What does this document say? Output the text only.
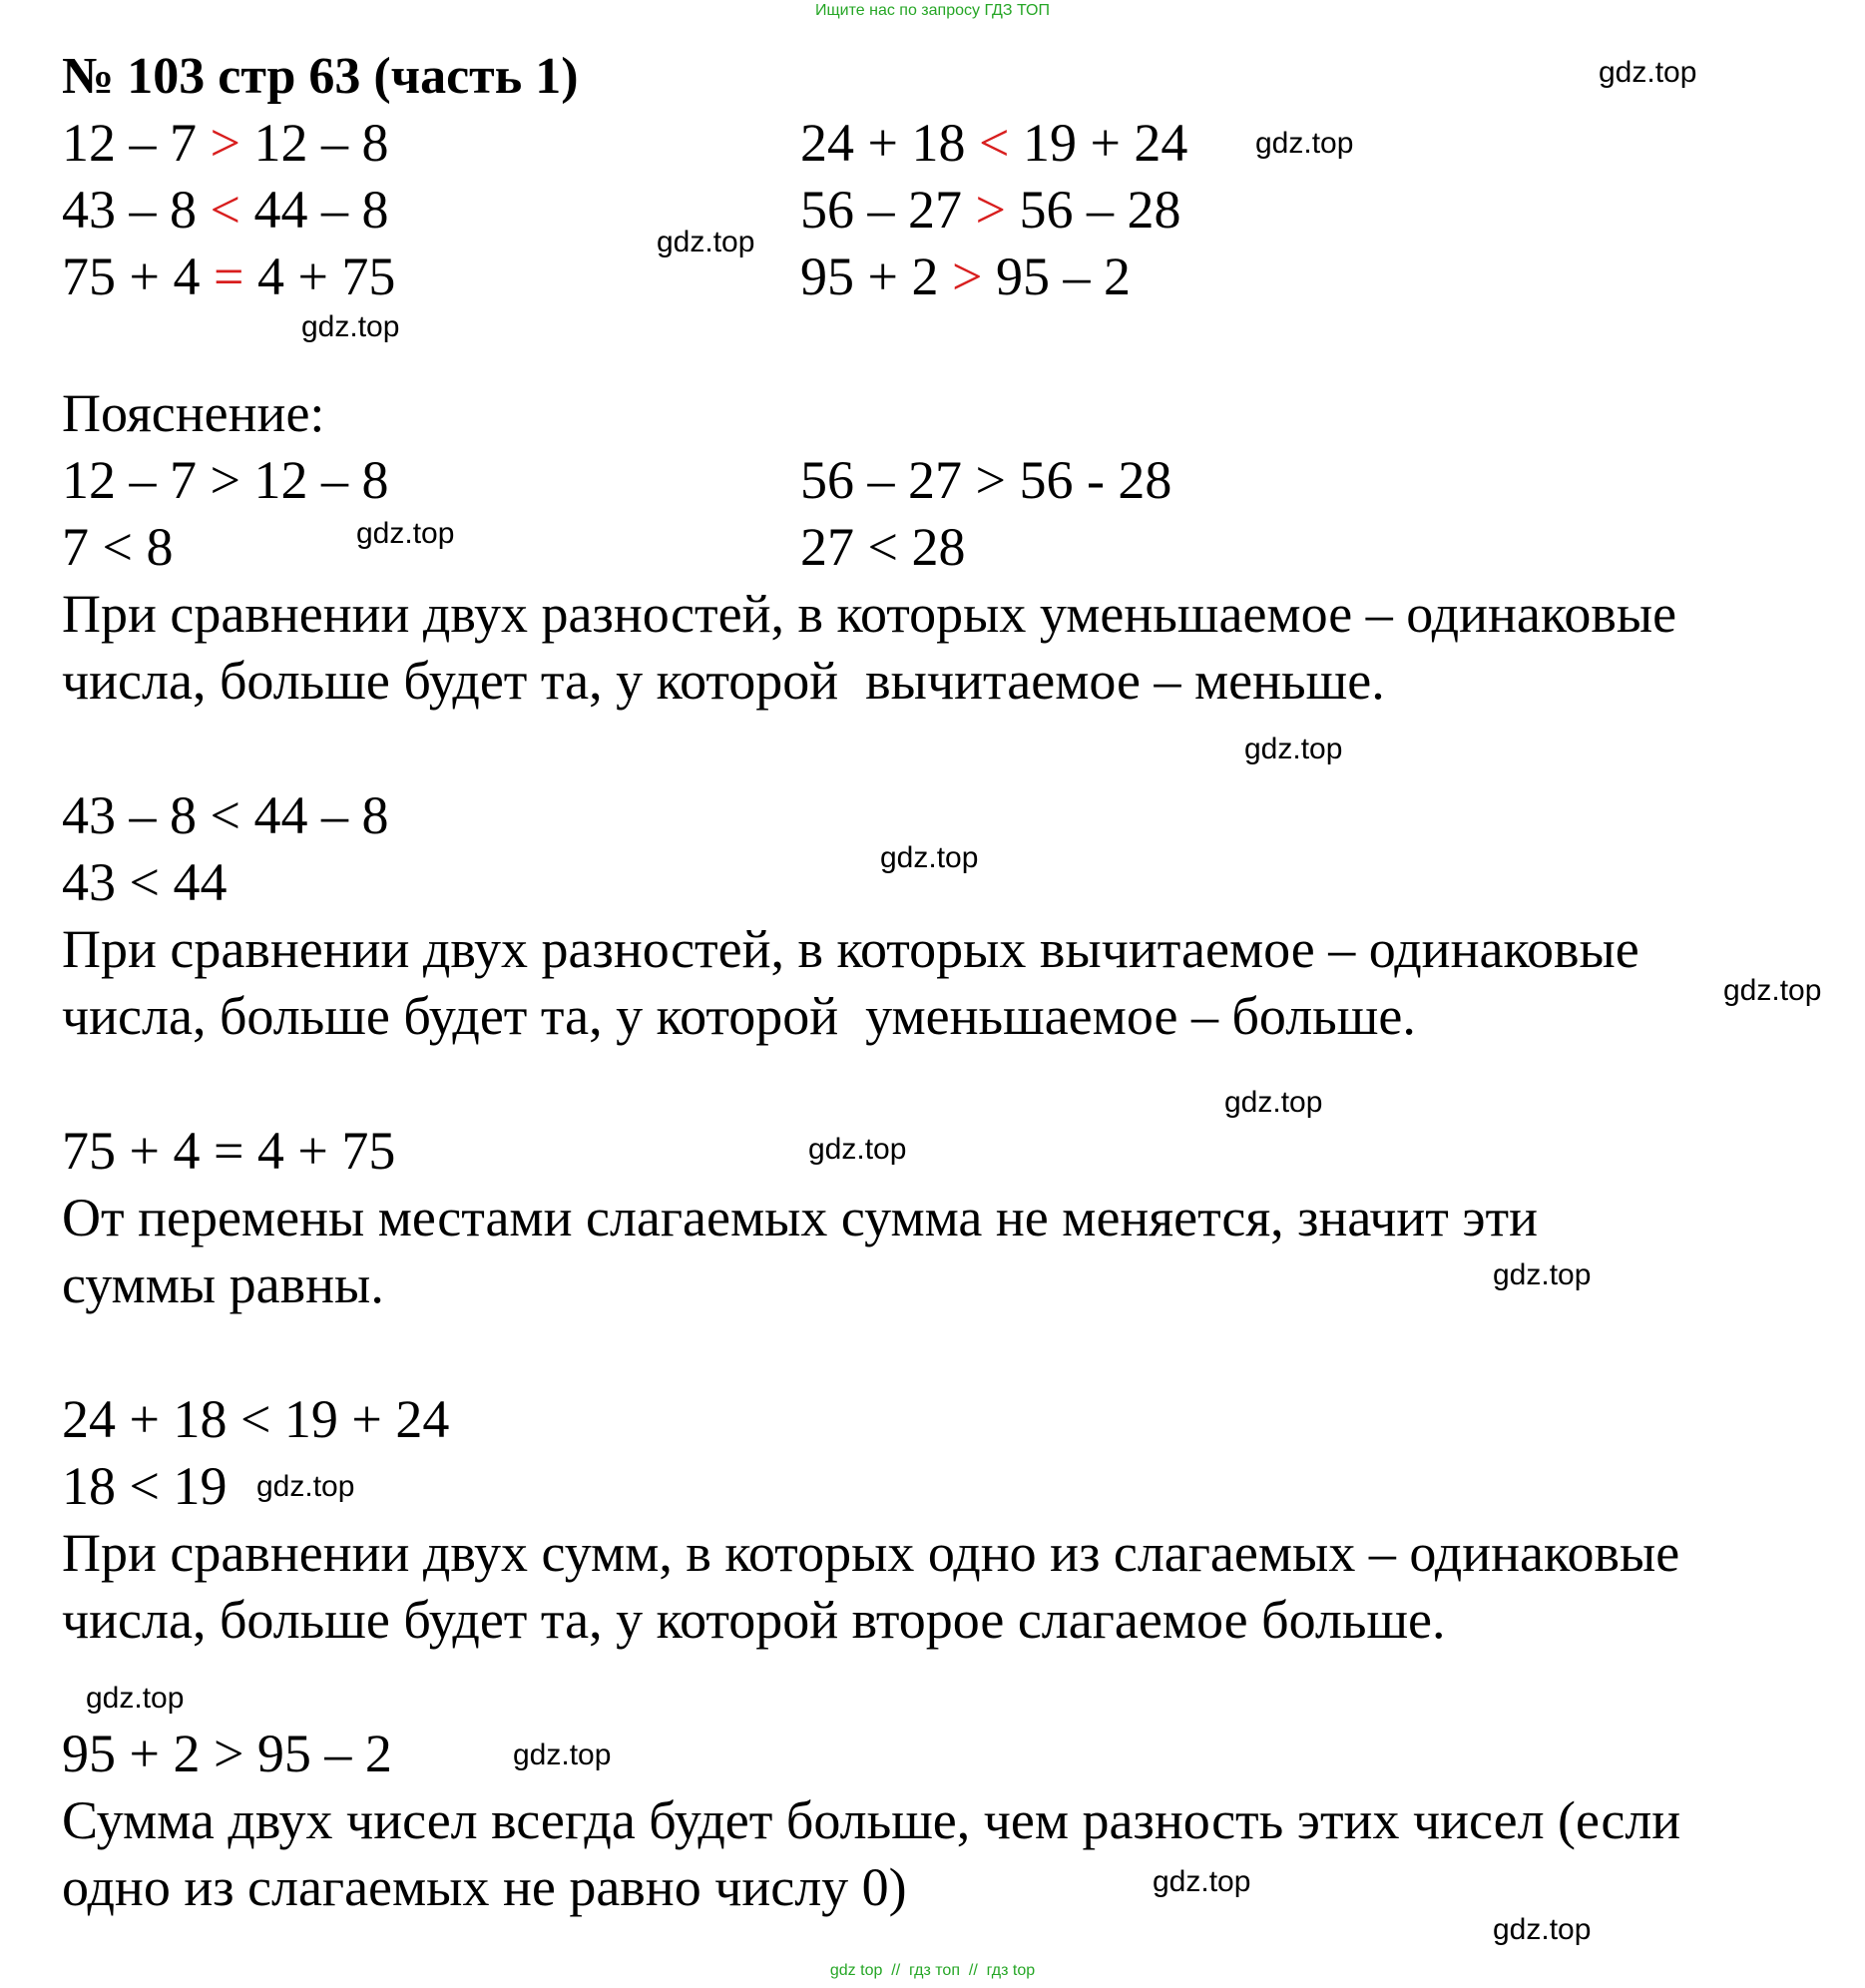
Ищите нас по запросу ГДЗ ТОП
№ 103 стр 63 (часть 1)
12 – 7 > 12 – 8
43 – 8 < 44 – 8
75 + 4 = 4 + 75
24 + 18 < 19 + 24
56 – 27 > 56 – 28
95 + 2 > 95 – 2
Пояснение:
12 – 7 > 12 – 8	56 – 27 > 56 - 28
7 < 8	27 < 28
При сравнении двух разностей, в которых уменьшаемое – одинаковые
числа, больше будет та, у которой  вычитаемое – меньше.
43 – 8 < 44 – 8
43 < 44
При сравнении двух разностей, в которых вычитаемое – одинаковые
числа, больше будет та, у которой  уменьшаемое – больше.
75 + 4 = 4 + 75
От перемены местами слагаемых сумма не меняется, значит эти
суммы равны.
24 + 18 < 19 + 24
18 < 19
При сравнении двух сумм, в которых одно из слагаемых – одинаковые
числа, больше будет та, у которой второе слагаемое больше.
95 + 2 > 95 – 2
Сумма двух чисел всегда будет больше, чем разность этих чисел (если
одно из слагаемых не равно числу 0)
gdz.top
gdz.top
gdz.top
gdz.top
gdz.top
gdz.top
gdz.top
gdz.top
gdz.top
gdz.top
gdz.top
gdz.top
gdz.top
gdz.top
gdz.top
gdz.top
gdz top  //  гдз топ  //  гдз top
